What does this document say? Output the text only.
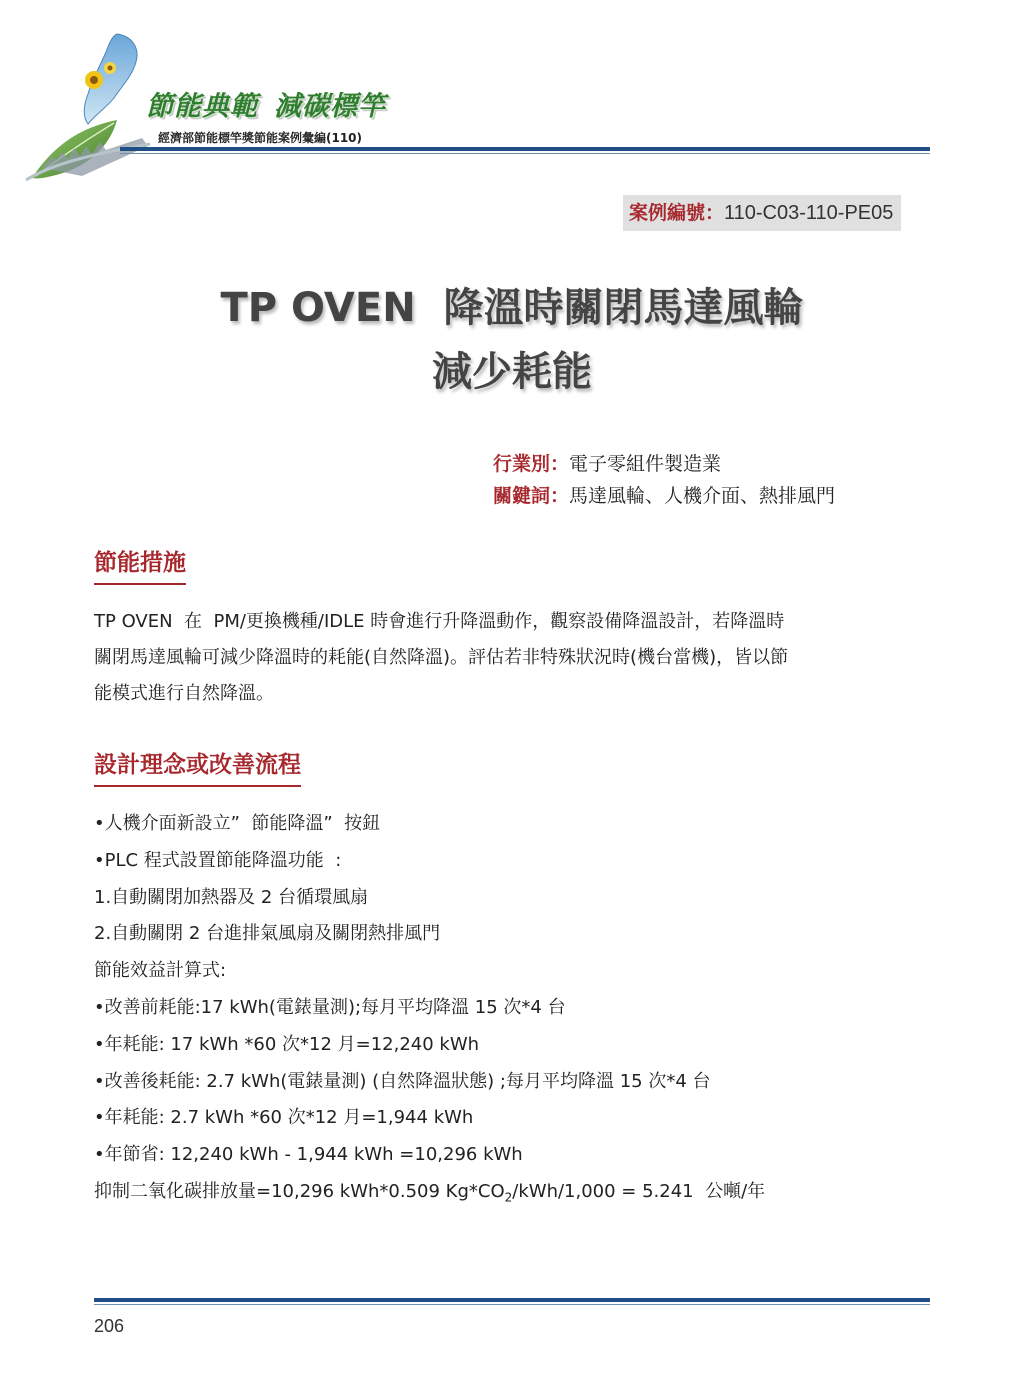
節能典範 減碳標竿
經濟部節能標竿獎節能案例彙編(110)
案例編號：110-C03-110-PE05
TP OVEN  降溫時關閉馬達風輪
減少耗能
行業別：電子零組件製造業
關鍵詞：馬達風輪、人機介面、熱排風門
節能措施
TP OVEN  在  PM/更換機種/IDLE 時會進行升降溫動作，觀察設備降溫設計，若降溫時
關閉馬達風輪可減少降溫時的耗能(自然降溫)。評估若非特殊狀況時(機台當機)，皆以節
能模式進行自然降溫。
設計理念或改善流程
•人機介面新設立”  節能降溫”  按鈕
•PLC 程式設置節能降溫功能  :
1.自動關閉加熱器及 2 台循環風扇
2.自動關閉 2 台進排氣風扇及關閉熱排風門
節能效益計算式:
•改善前耗能:17 kWh(電錶量測);每月平均降溫 15 次*4 台
•年耗能: 17 kWh *60 次*12 月=12,240 kWh
•改善後耗能: 2.7 kWh(電錶量測) (自然降溫狀態) ;每月平均降溫 15 次*4 台
•年耗能: 2.7 kWh *60 次*12 月=1,944 kWh
•年節省: 12,240 kWh - 1,944 kWh =10,296 kWh
抑制二氧化碳排放量=10,296 kWh*0.509 $Kg*CO_2/kWh/1,000 = 5.241$  公噸/年
206
